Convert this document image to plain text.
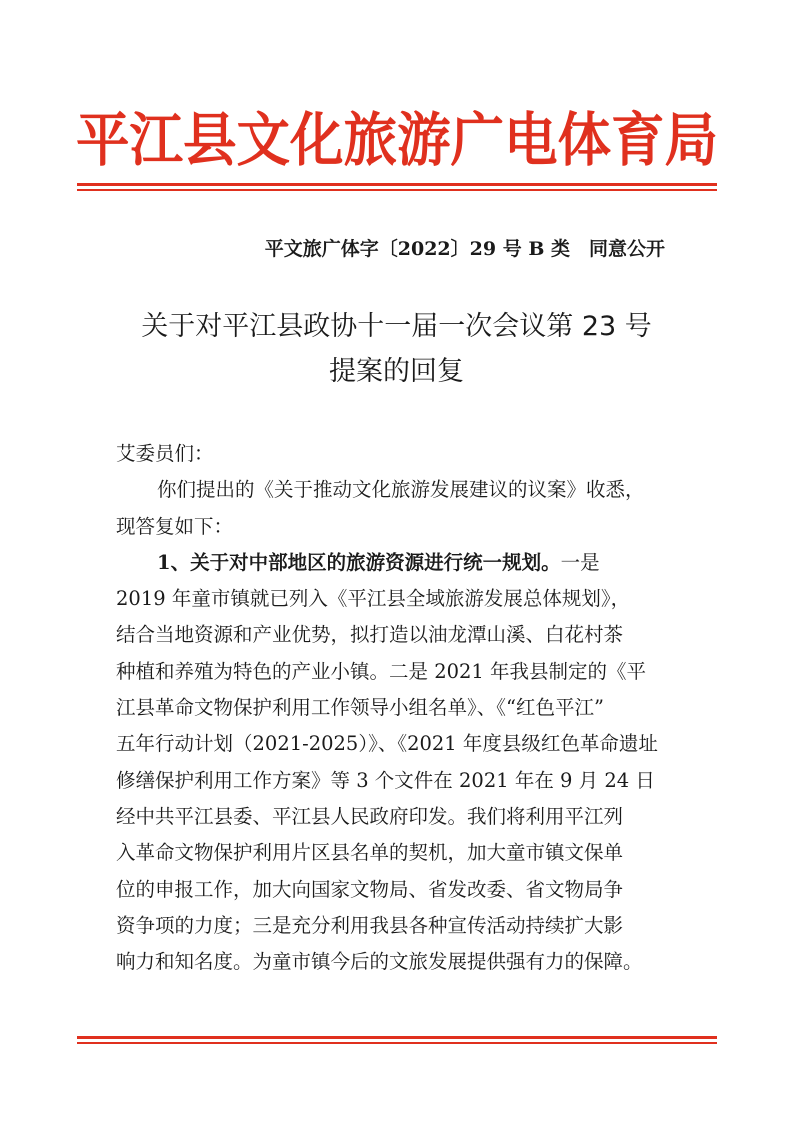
平江县文化旅游广电体育局
平文旅广体字〔2022〕29 号 B 类　同意公开
关于对平江县政协十一届一次会议第 23 号
提案的回复
艾委员们：
你们提出的《关于推动文化旅游发展建议的议案》收悉，
现答复如下：
1、关于对中部地区的旅游资源进行统一规划。一是
2019 年童市镇就已列入《平江县全域旅游发展总体规划》，
结合当地资源和产业优势，拟打造以油龙潭山溪、白花村茶
种植和养殖为特色的产业小镇。二是 2021 年我县制定的《平
江县革命文物保护利用工作领导小组名单》、《“红色平江”
五年行动计划（2021-2025）》、《2021 年度县级红色革命遗址
修缮保护利用工作方案》等 3 个文件在 2021 年在 9 月 24 日
经中共平江县委、平江县人民政府印发。我们将利用平江列
入革命文物保护利用片区县名单的契机，加大童市镇文保单
位的申报工作，加大向国家文物局、省发改委、省文物局争
资争项的力度；三是充分利用我县各种宣传活动持续扩大影
响力和知名度。为童市镇今后的文旅发展提供强有力的保障。
